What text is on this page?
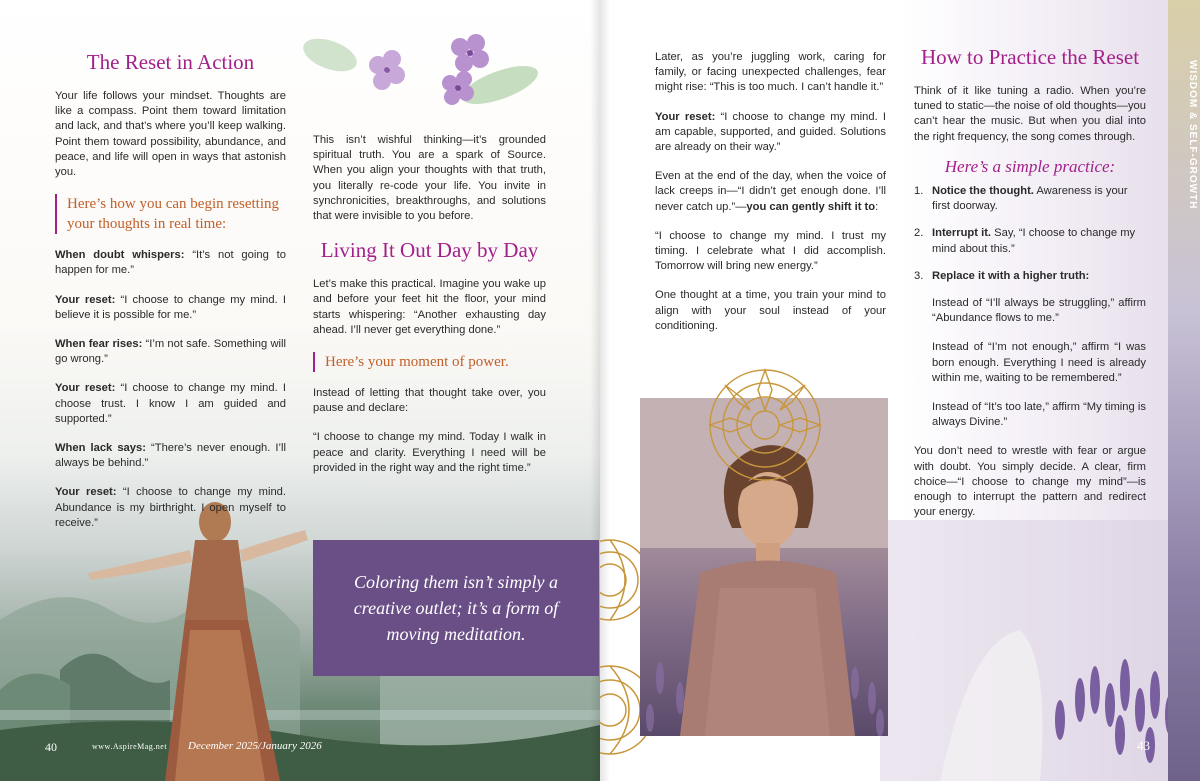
WISDOM & SELF-GROWTH
The Reset in Action

Your life follows your mindset. Thoughts are like a compass. Point them toward limitation and lack, and that’s where you’ll keep walking. Point them toward possibility, abundance, and peace, and life will open in ways that astonish you.

Here’s how you can begin resetting your thoughts in real time:

When doubt whispers: “It’s not going to happen for me.”

Your reset: “I choose to change my mind. I believe it is possible for me.”

When fear rises: “I’m not safe. Something will go wrong.”

Your reset: “I choose to change my mind. I choose trust. I know I am guided and supported.”

When lack says: “There’s never enough. I’ll always be behind.”

Your reset: “I choose to change my mind. Abundance is my birthright. I open myself to receive.”

This isn’t wishful thinking—it’s grounded spiritual truth. You are a spark of Source. When you align your thoughts with that truth, you literally re-code your life. You invite in synchronicities, breakthroughs, and solutions that were invisible to you before.

Living It Out Day by Day

Let’s make this practical. Imagine you wake up and before your feet hit the floor, your mind starts whispering: “Another exhausting day ahead. I’ll never get everything done.”

Here’s your moment of power.

Instead of letting that thought take over, you pause and declare:

“I choose to change my mind. Today I walk in peace and clarity. Everything I need will be provided in the right way and the right time.”

Coloring them isn’t simply a creative outlet; it’s a form of moving meditation.

Later, as you’re juggling work, caring for family, or facing unexpected challenges, fear might rise: “This is too much. I can’t handle it.”

Your reset: “I choose to change my mind. I am capable, supported, and guided. Solutions are already on their way.”

Even at the end of the day, when the voice of lack creeps in—“I didn’t get enough done. I’ll never catch up.”—you can gently shift it to:

“I choose to change my mind. I trust my timing. I celebrate what I did accomplish. Tomorrow will bring new energy.”

One thought at a time, you train your mind to align with your soul instead of your conditioning.

How to Practice the Reset

Think of it like tuning a radio. When you’re tuned to static—the noise of old thoughts—you can’t hear the music. But when you dial into the right frequency, the song comes through.

Here’s a simple practice:
1. Notice the thought. Awareness is your first doorway.
2. Interrupt it. Say, “I choose to change my mind about this.”
3. Replace it with a higher truth:

Instead of “I’ll always be struggling,” affirm “Abundance flows to me.”

Instead of “I’m not enough,” affirm “I was born enough. Everything I need is already within me, waiting to be remembered.”

Instead of “It’s too late,” affirm “My timing is always Divine.”

You don’t need to wrestle with fear or argue with doubt. You simply decide. A clear, firm choice—“I choose to change my mind”—is enough to interrupt the pattern and redirect your energy.

40	www.AspireMag.net December 2025/January 2026	43
